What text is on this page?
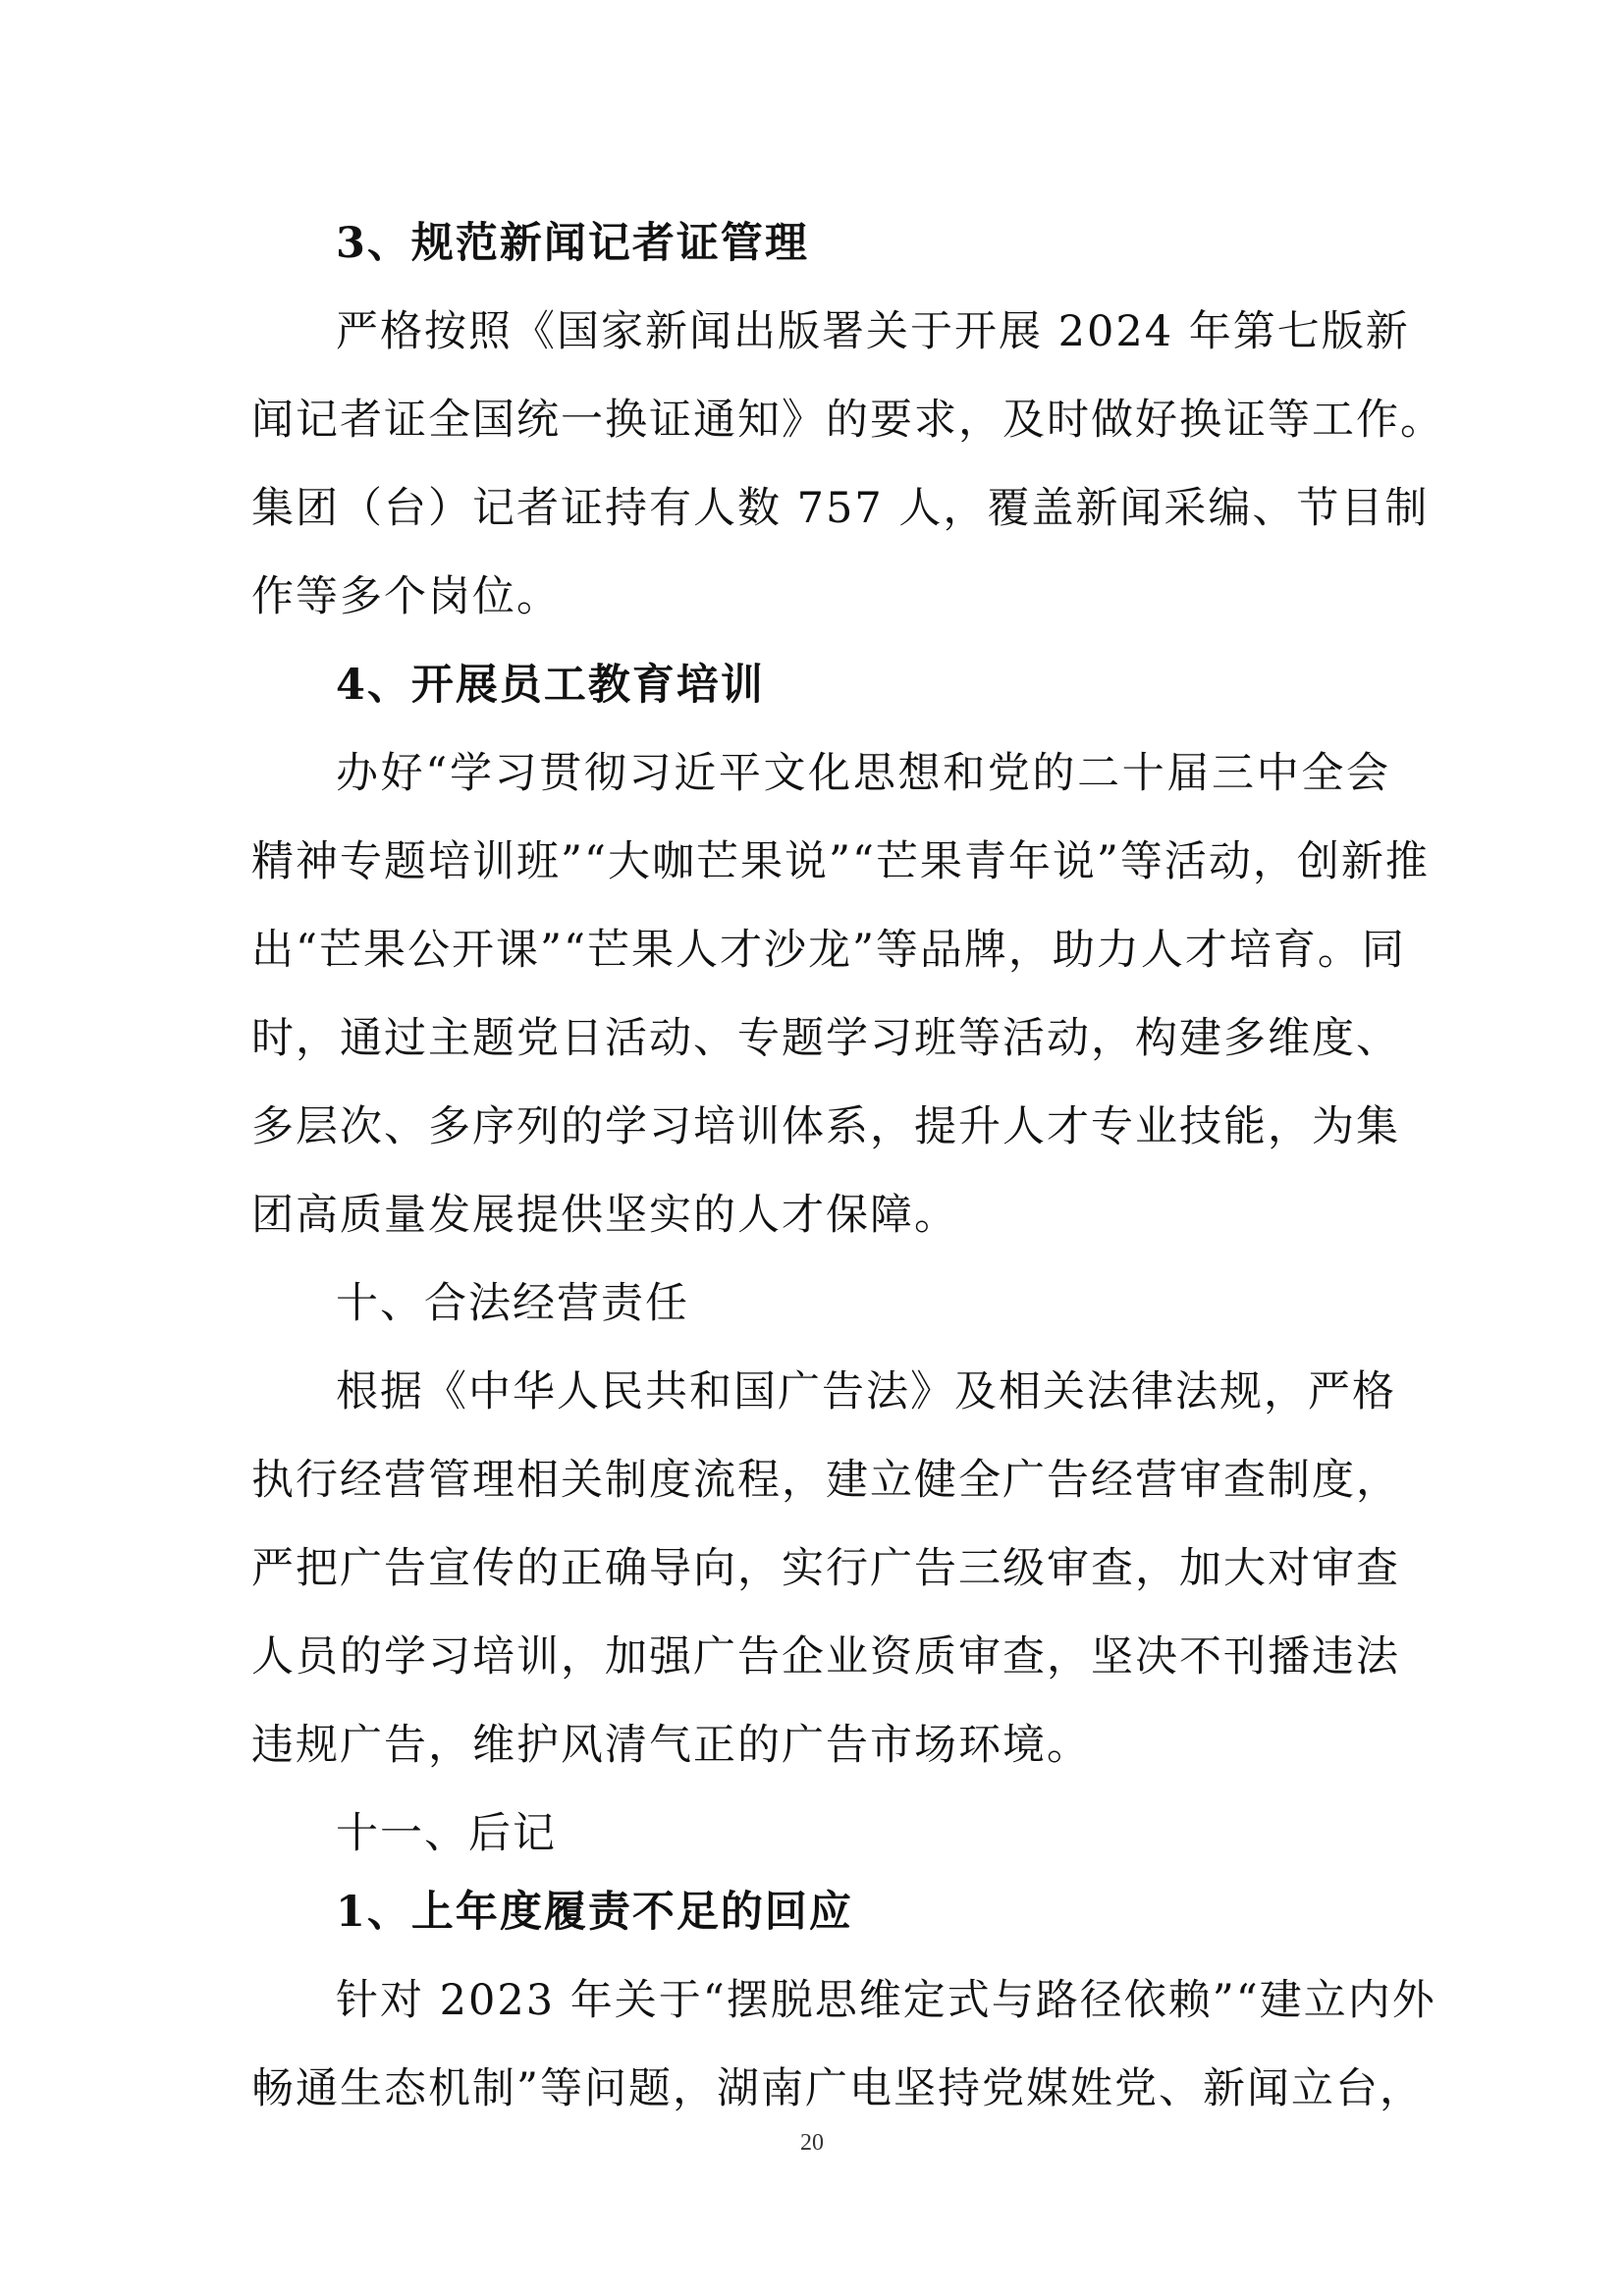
3、规范新闻记者证管理
严格按照《国家新闻出版署关于开展 2024 年第七版新
闻记者证全国统一换证通知》的要求，及时做好换证等工作。
集团（台）记者证持有人数 757 人，覆盖新闻采编、节目制
作等多个岗位。
4、开展员工教育培训
办好“学习贯彻习近平文化思想和党的二十届三中全会
精神专题培训班”“大咖芒果说”“芒果青年说”等活动，创新推
出“芒果公开课”“芒果人才沙龙”等品牌，助力人才培育。同
时，通过主题党日活动、专题学习班等活动，构建多维度、
多层次、多序列的学习培训体系，提升人才专业技能，为集
团高质量发展提供坚实的人才保障。
十、合法经营责任
根据《中华人民共和国广告法》及相关法律法规，严格
执行经营管理相关制度流程，建立健全广告经营审查制度，
严把广告宣传的正确导向，实行广告三级审查，加大对审查
人员的学习培训，加强广告企业资质审查，坚决不刊播违法
违规广告，维护风清气正的广告市场环境。
十一、后记
1、上年度履责不足的回应
针对 2023 年关于“摆脱思维定式与路径依赖”“建立内外
畅通生态机制”等问题，湖南广电坚持党媒姓党、新闻立台，
20
